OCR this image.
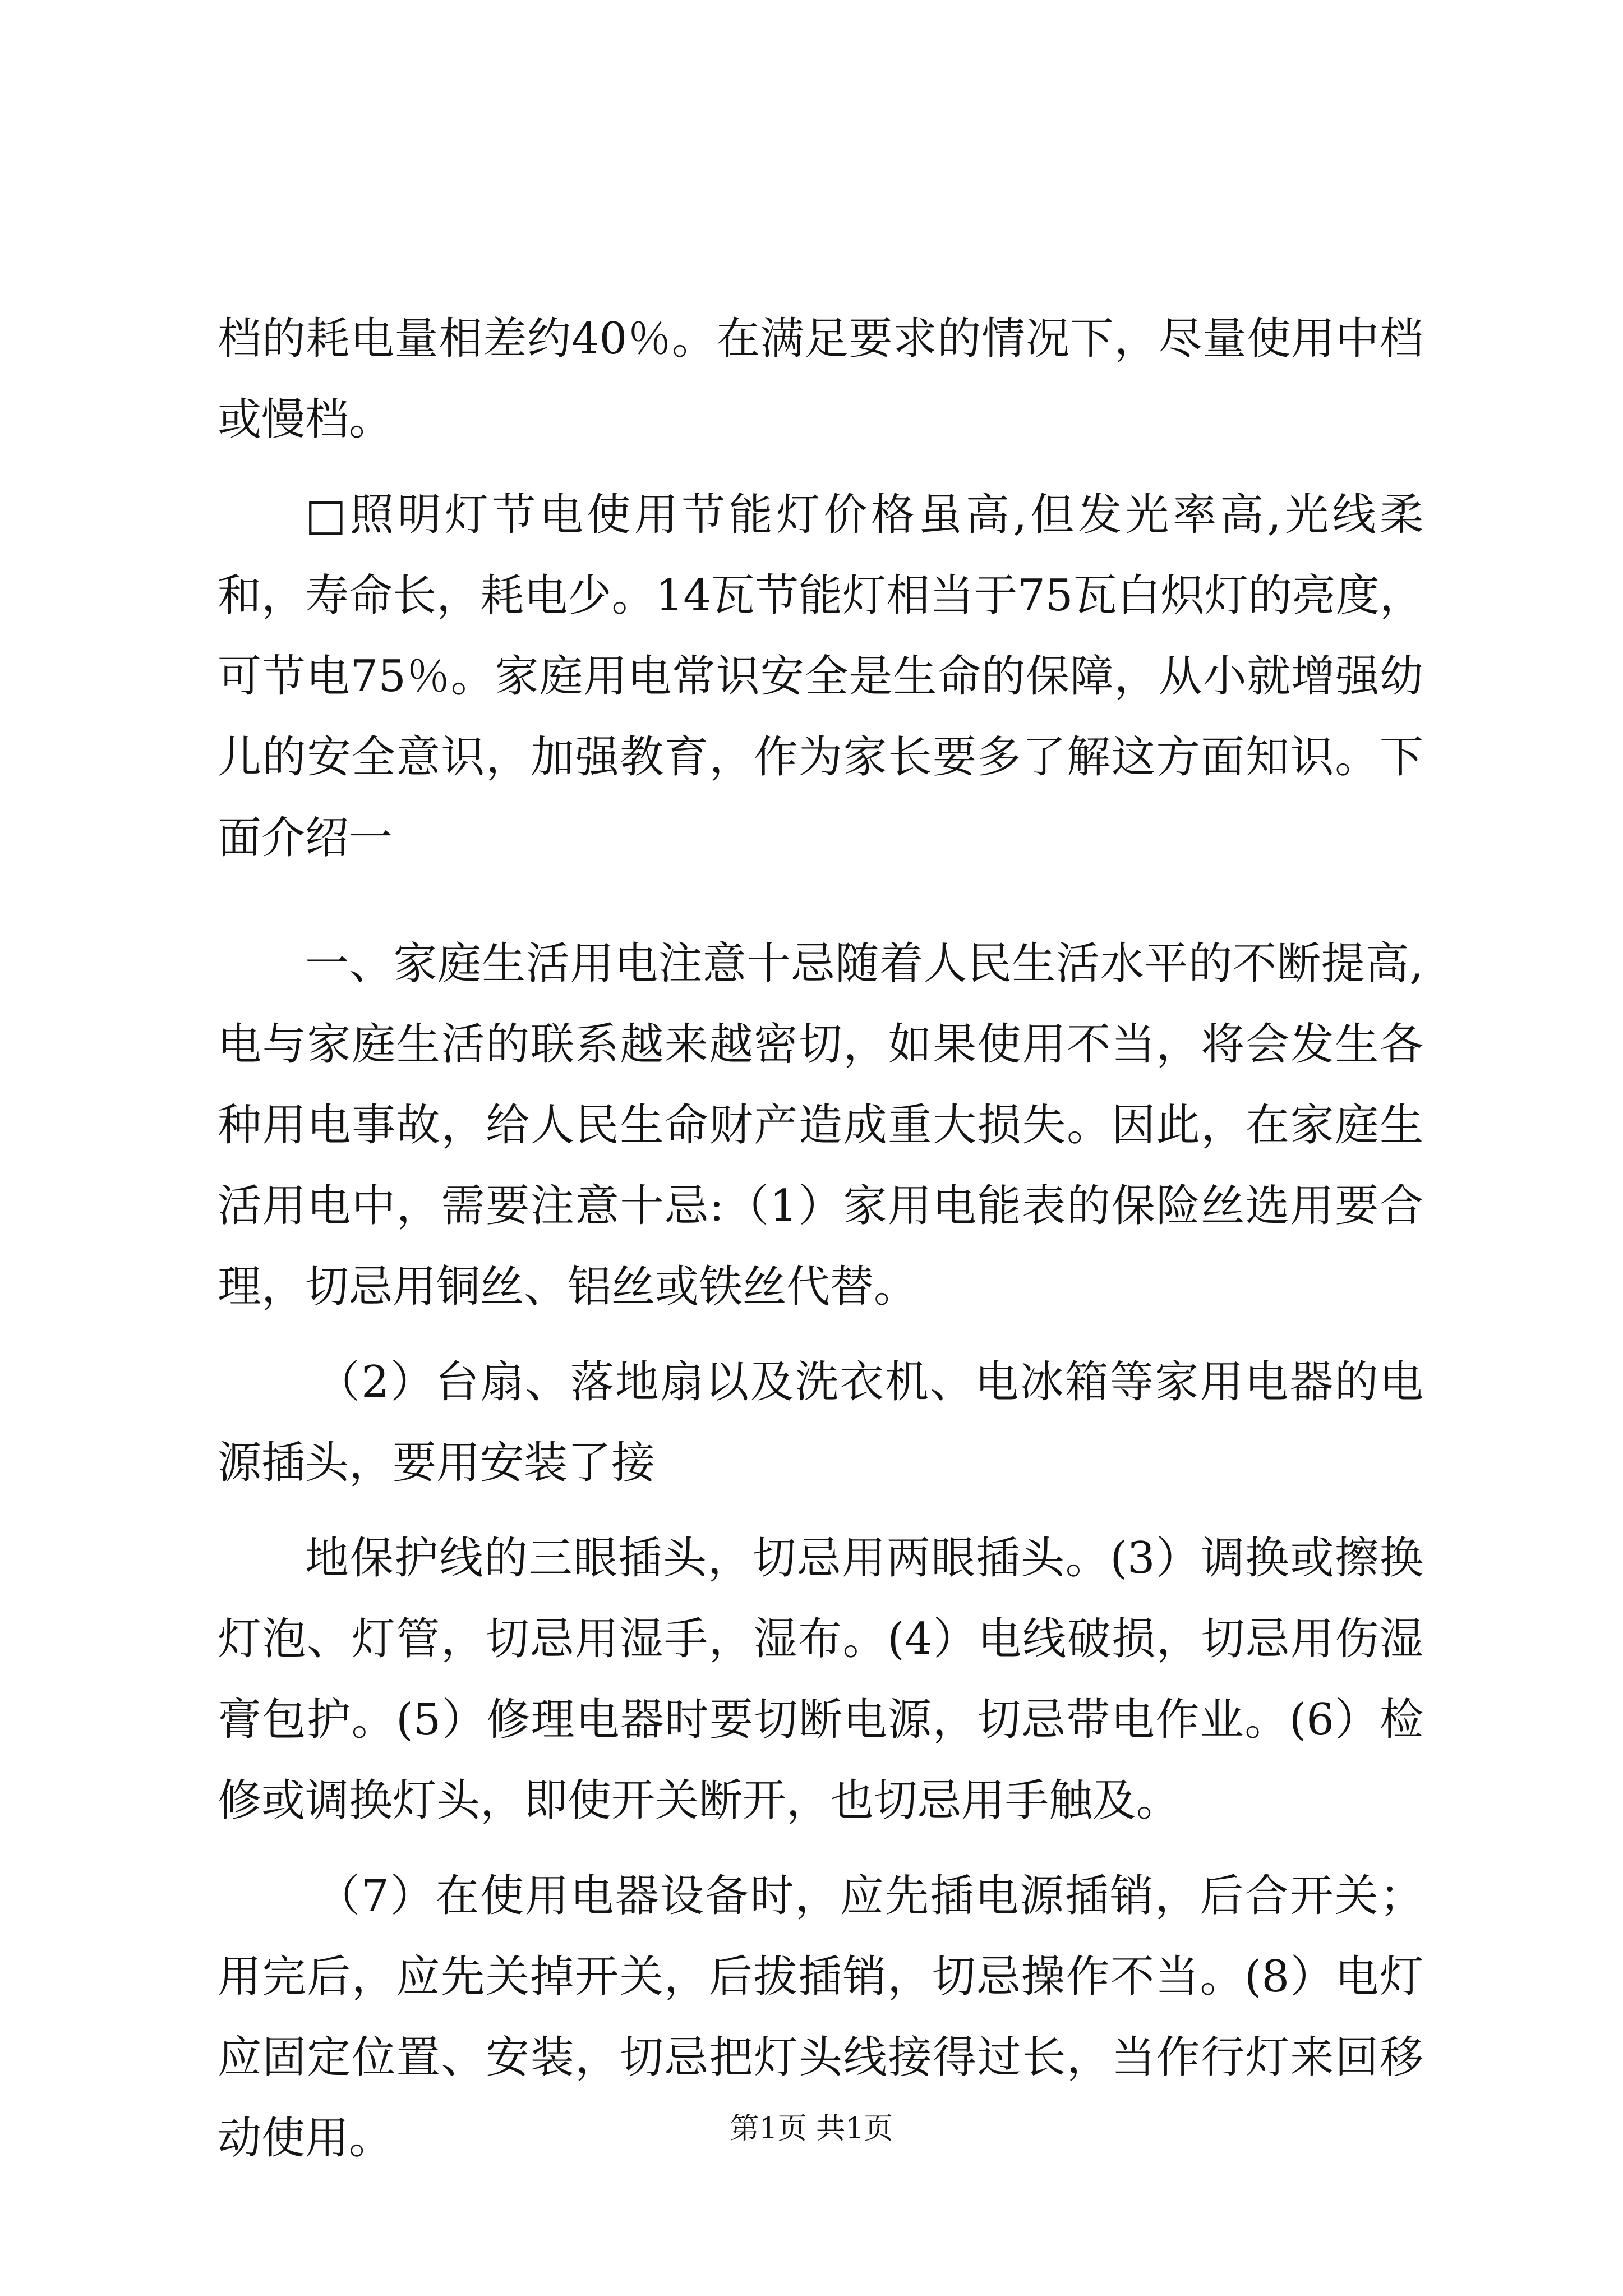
档的耗电量相差约40％。在满足要求的情况下，尽量使用中档或慢档。

□照明灯节电使用节能灯价格虽高,但发光率高,光线柔和，寿命长，耗电少。14瓦节能灯相当于75瓦白炽灯的亮度，可节电75％。家庭用电常识安全是生命的保障，从小就增强幼儿的安全意识，加强教育，作为家长要多了解这方面知识。下面介绍一

一、家庭生活用电注意十忌随着人民生活水平的不断提高,电与家庭生活的联系越来越密切，如果使用不当，将会发生各种用电事故，给人民生命财产造成重大损失。因此，在家庭生活用电中，需要注意十忌:（1）家用电能表的保险丝选用要合理，切忌用铜丝、铝丝或铁丝代替。

（2）台扇、落地扇以及洗衣机、电冰箱等家用电器的电源插头，要用安装了接

地保护线的三眼插头，切忌用两眼插头。(3）调换或擦换灯泡、灯管，切忌用湿手，湿布。(4）电线破损，切忌用伤湿膏包护。(5）修理电器时要切断电源，切忌带电作业。(6）检修或调换灯头，即使开关断开，也切忌用手触及。

（7）在使用电器设备时，应先插电源插销，后合开关；用完后，应先关掉开关，后拔插销，切忌操作不当。(8）电灯应固定位置、安装，切忌把灯头线接得过长，当作行灯来回移动使用。	第1页 共1页
